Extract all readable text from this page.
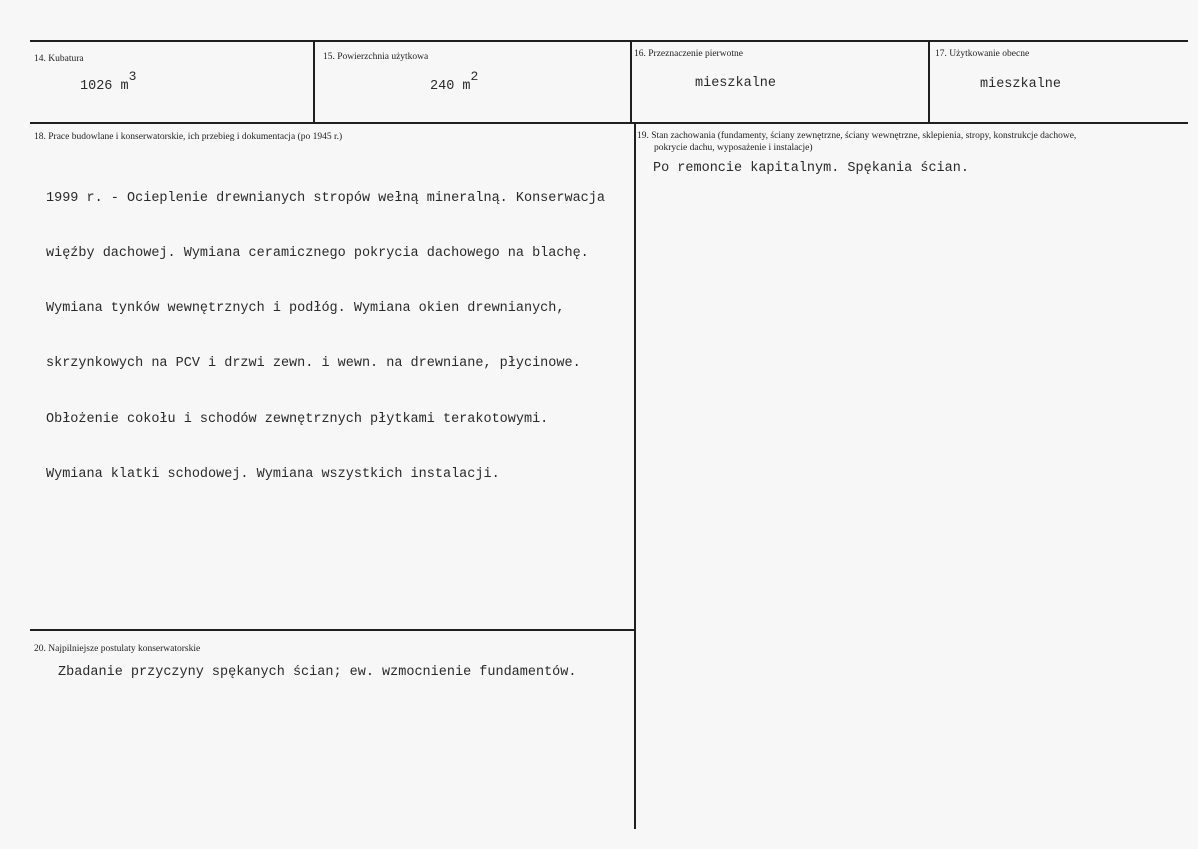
14. Kubatura
1026 m3
15. Powierzchnia użytkowa
240 m2
16. Przeznaczenie pierwotne
mieszkalne
17. Użytkowanie obecne
mieszkalne
18. Prace budowlane i konserwatorskie, ich przebieg i dokumentacja (po 1945 r.)

1999 r. - Ocieplenie drewnianych stropów wełną mineralną. Konserwacja

więźby dachowej. Wymiana ceramicznego pokrycia dachowego na blachę.

Wymiana tynków wewnętrznych i podłóg. Wymiana okien drewnianych,

skrzynkowych na PCV i drzwi zewn. i wewn. na drewniane, płycinowe.

Obłożenie cokołu i schodów zewnętrznych płytkami terakotowymi.

Wymiana klatki schodowej. Wymiana wszystkich instalacji.

19. Stan zachowania (fundamenty, ściany zewnętrzne, ściany wewnętrzne, sklepienia, stropy, konstrukcje dachowe,
pokrycie dachu, wyposażenie i instalacje)
Po remoncie kapitalnym. Spękania ścian.
20. Najpilniejsze postulaty konserwatorskie
Zbadanie przyczyny spękanych ścian; ew. wzmocnienie fundamentów.
